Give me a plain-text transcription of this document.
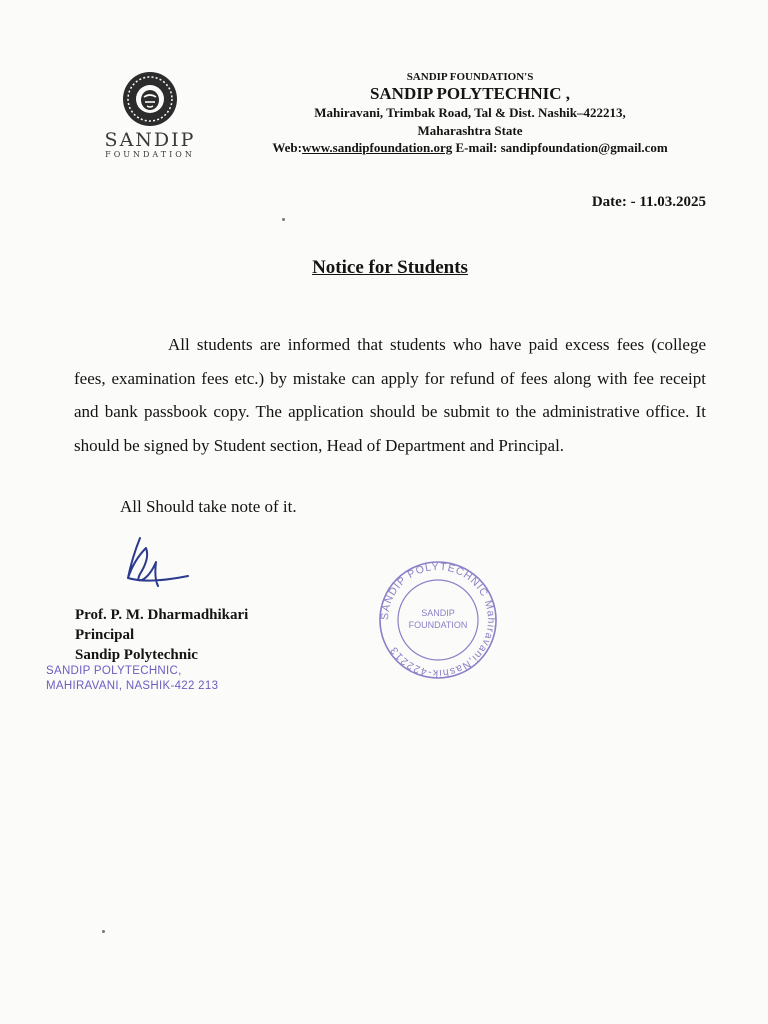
SANDIP
FOUNDATION
SANDIP FOUNDATION'S
SANDIP POLYTECHNIC ,
Mahiravani, Trimbak Road, Tal & Dist. Nashik–422213,
Maharashtra State
Web:www.sandipfoundation.org E-mail: sandipfoundation@gmail.com
Date: - 11.03.2025
Notice for Students

All students are informed that students who have paid excess fees (college fees, examination fees etc.) by mistake can apply for refund of fees along with fee receipt and bank passbook copy. The application should be submit to the administrative office. It should be signed by Student section, Head of Department and Principal.

All Should take note of it.
Prof. P. M. Dharmadhikari
Principal
Sandip Polytechnic
SANDIP POLYTECHNIC,
MAHIRAVANI, NASHIK-422 213
SANDIP POLYTECHNIC Mahiravani,Nashik-422213
SANDIP
FOUNDATION
